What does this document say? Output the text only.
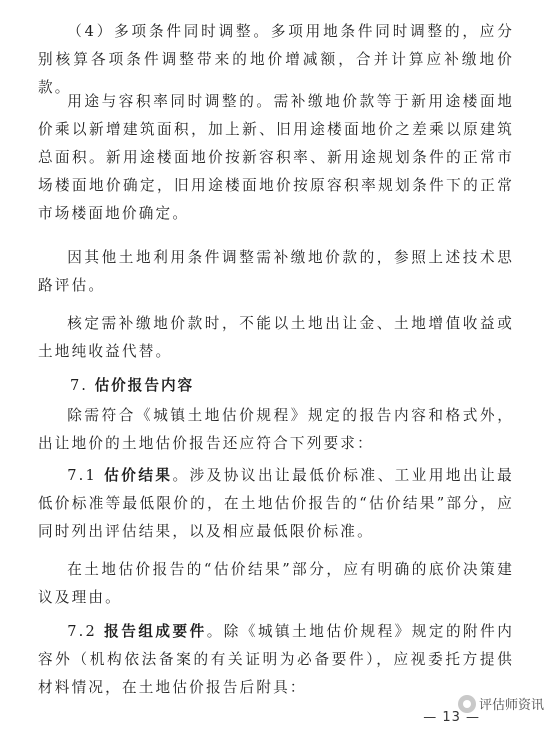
（4）多项条件同时调整。多项用地条件同时调整的，应分别核算各项条件调整带来的地价增减额，合并计算应补缴地价款。

用途与容积率同时调整的。需补缴地价款等于新用途楼面地价乘以新增建筑面积，加上新、旧用途楼面地价之差乘以原建筑总面积。新用途楼面地价按新容积率、新用途规划条件的正常市场楼面地价确定，旧用途楼面地价按原容积率规划条件下的正常市场楼面地价确定。

因其他土地利用条件调整需补缴地价款的，参照上述技术思路评估。

核定需补缴地价款时，不能以土地出让金、土地增值收益或土地纯收益代替。

7. 估价报告内容

除需符合《城镇土地估价规程》规定的报告内容和格式外，出让地价的土地估价报告还应符合下列要求：

7.1 估价结果。涉及协议出让最低价标准、工业用地出让最低价标准等最低限价的，在土地估价报告的“估价结果”部分，应同时列出评估结果，以及相应最低限价标准。

在土地估价报告的“估价结果”部分，应有明确的底价决策建议及理由。

7.2 报告组成要件。除《城镇土地估价规程》规定的附件内容外（机构依法备案的有关证明为必备要件），应视委托方提供材料情况，在土地估价报告后附具：

评估师资讯
— 13 —
